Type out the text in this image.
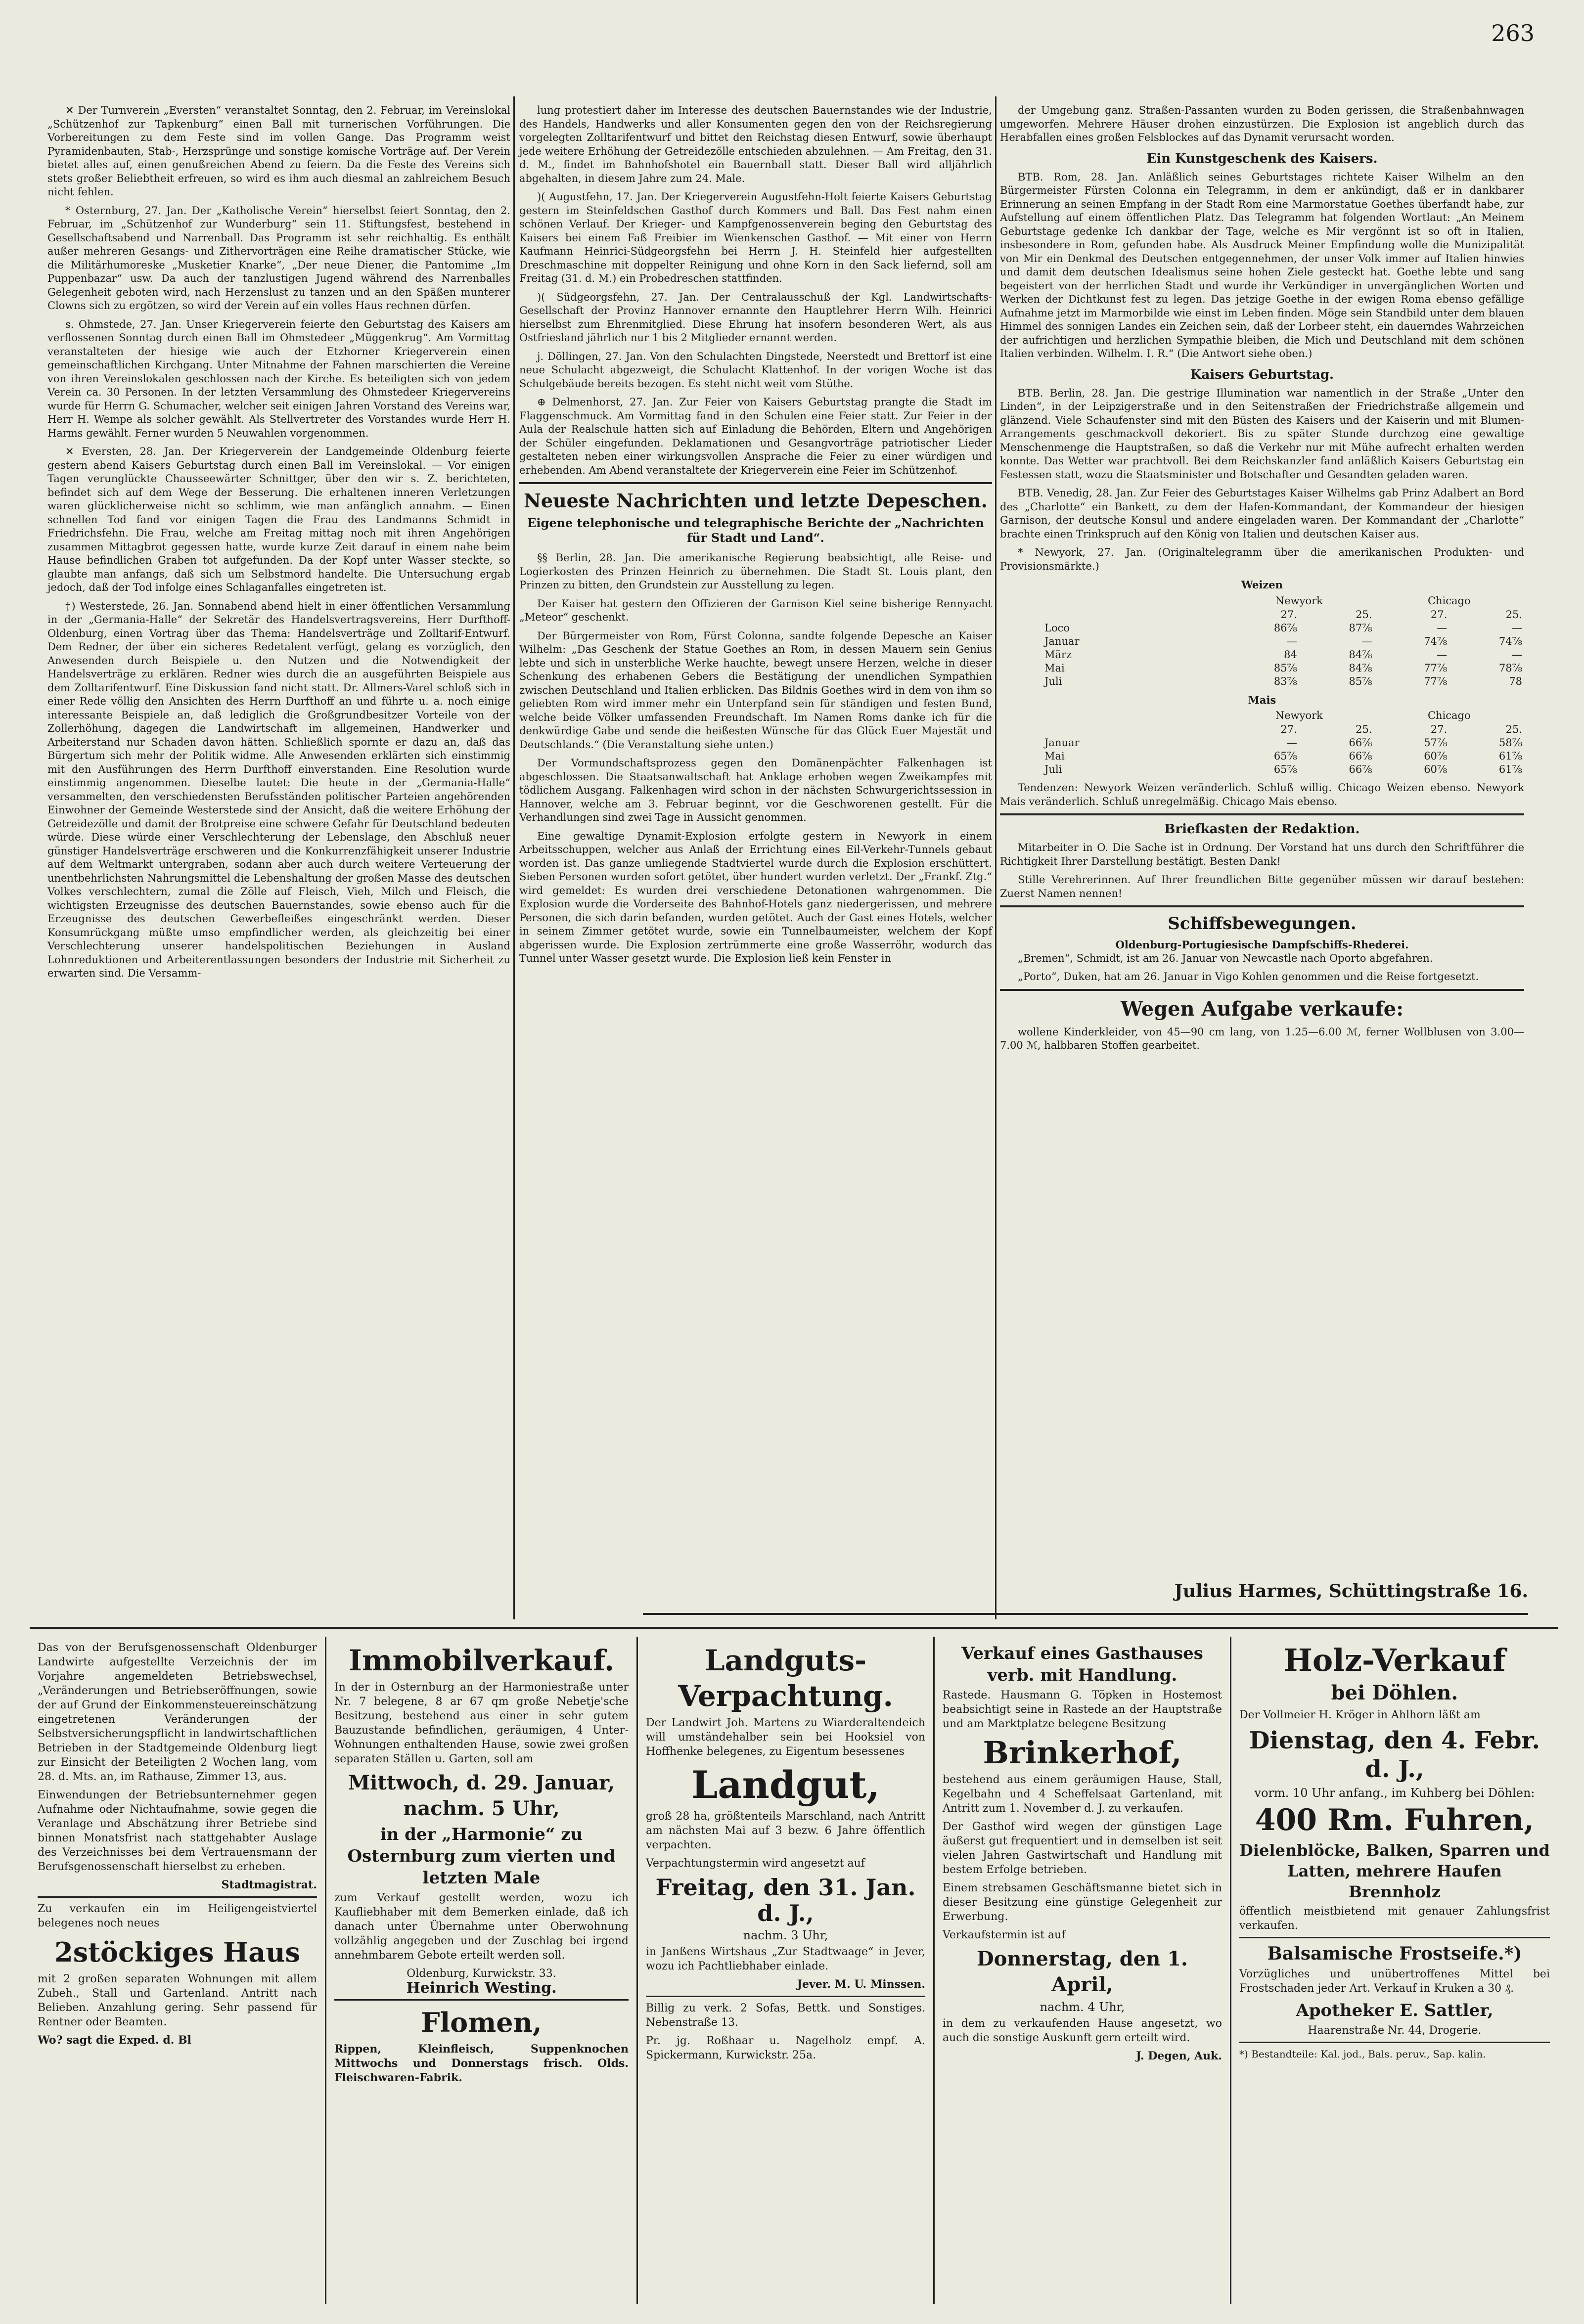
263

✕ Der Turnverein „Eversten“ veranstaltet Sonntag, den 2. Februar, im Vereinslokal „Schützenhof zur Tapkenburg“ einen Ball mit turnerischen Vorführungen. Die Vorbereitungen zu dem Feste sind im vollen Gange. Das Programm weist Pyramidenbauten, Stab-, Herzsprünge und sonstige komische Vorträge auf. Der Verein bietet alles auf, einen genußreichen Abend zu feiern. Da die Feste des Vereins sich stets großer Beliebtheit erfreuen, so wird es ihm auch diesmal an zahlreichem Besuch nicht fehlen.

* Osternburg, 27. Jan. Der „Katholische Verein“ hierselbst feiert Sonntag, den 2. Februar, im „Schützenhof zur Wunderburg“ sein 11. Stiftungsfest, bestehend in Gesellschaftsabend und Narrenball. Das Programm ist sehr reichhaltig. Es enthält außer mehreren Gesangs- und Zithervorträgen eine Reihe dramatischer Stücke, wie die Militärhumoreske „Musketier Knarke“, „Der neue Diener, die Pantomime „Im Puppenbazar“ usw. Da auch der tanzlustigen Jugend während des Narrenballes Gelegenheit geboten wird, nach Herzenslust zu tanzen und an den Späßen munterer Clowns sich zu ergötzen, so wird der Verein auf ein volles Haus rechnen dürfen.

s. Ohmstede, 27. Jan. Unser Kriegerverein feierte den Geburtstag des Kaisers am verflossenen Sonntag durch einen Ball im Ohmstedeer „Müggenkrug“. Am Vormittag veranstalteten der hiesige wie auch der Etzhorner Kriegerverein einen gemeinschaftlichen Kirchgang. Unter Mitnahme der Fahnen marschierten die Vereine von ihren Vereinslokalen geschlossen nach der Kirche. Es beteiligten sich von jedem Verein ca. 30 Personen. In der letzten Versammlung des Ohmstedeer Kriegervereins wurde für Herrn G. Schumacher, welcher seit einigen Jahren Vorstand des Vereins war, Herr H. Wempe als solcher gewählt. Als Stellvertreter des Vorstandes wurde Herr H. Harms gewählt. Ferner wurden 5 Neuwahlen vorgenommen.

✕ Eversten, 28. Jan. Der Kriegerverein der Landgemeinde Oldenburg feierte gestern abend Kaisers Geburtstag durch einen Ball im Vereinslokal. — Vor einigen Tagen verunglückte Chausseewärter Schnittger, über den wir s. Z. berichteten, befindet sich auf dem Wege der Besserung. Die erhaltenen inneren Verletzungen waren glücklicherweise nicht so schlimm, wie man anfänglich annahm. — Einen schnellen Tod fand vor einigen Tagen die Frau des Landmanns Schmidt in Friedrichsfehn. Die Frau, welche am Freitag mittag noch mit ihren Angehörigen zusammen Mittagbrot gegessen hatte, wurde kurze Zeit darauf in einem nahe beim Hause befindlichen Graben tot aufgefunden. Da der Kopf unter Wasser steckte, so glaubte man anfangs, daß sich um Selbstmord handelte. Die Untersuchung ergab jedoch, daß der Tod infolge eines Schlaganfalles eingetreten ist.

†) Westerstede, 26. Jan. Sonnabend abend hielt in einer öffentlichen Versammlung in der „Germania-Halle“ der Sekretär des Handelsvertragsvereins, Herr Durfthoff-Oldenburg, einen Vortrag über das Thema: Handelsverträge und Zolltarif-Entwurf. Dem Redner, der über ein sicheres Redetalent verfügt, gelang es vorzüglich, den Anwesenden durch Beispiele u. den Nutzen und die Notwendigkeit der Handelsverträge zu erklären. Redner wies durch die an ausgeführten Beispiele aus dem Zolltarifentwurf. Eine Diskussion fand nicht statt. Dr. Allmers-Varel schloß sich in einer Rede völlig den Ansichten des Herrn Durfthoff an und führte u. a. noch einige interessante Beispiele an, daß lediglich die Großgrundbesitzer Vorteile von der Zollerhöhung, dagegen die Landwirtschaft im allgemeinen, Handwerker und Arbeiterstand nur Schaden davon hätten. Schließlich spornte er dazu an, daß das Bürgertum sich mehr der Politik widme. Alle Anwesenden erklärten sich einstimmig mit den Ausführungen des Herrn Durfthoff einverstanden. Eine Resolution wurde einstimmig angenommen. Dieselbe lautet: Die heute in der „Germania-Halle“ versammelten, den verschiedensten Berufsständen politischer Parteien angehörenden Einwohner der Gemeinde Westerstede sind der Ansicht, daß die weitere Erhöhung der Getreidezölle und damit der Brotpreise eine schwere Gefahr für Deutschland bedeuten würde. Diese würde einer Verschlechterung der Lebenslage, den Abschluß neuer günstiger Handelsverträge erschweren und die Konkurrenzfähigkeit unserer Industrie auf dem Weltmarkt untergraben, sodann aber auch durch weitere Verteuerung der unentbehrlichsten Nahrungsmittel die Lebenshaltung der großen Masse des deutschen Volkes verschlechtern, zumal die Zölle auf Fleisch, Vieh, Milch und Fleisch, die wichtigsten Erzeugnisse des deutschen Bauernstandes, sowie ebenso auch für die Erzeugnisse des deutschen Gewerbefleißes eingeschränkt werden. Dieser Konsumrückgang müßte umso empfindlicher werden, als gleichzeitig bei einer Verschlechterung unserer handelspolitischen Beziehungen in Ausland Lohnreduktionen und Arbeiterentlassungen besonders der Industrie mit Sicherheit zu erwarten sind. Die Versamm-

lung protestiert daher im Interesse des deutschen Bauernstandes wie der Industrie, des Handels, Handwerks und aller Konsumenten gegen den von der Reichsregierung vorgelegten Zolltarifentwurf und bittet den Reichstag diesen Entwurf, sowie überhaupt jede weitere Erhöhung der Getreidezölle entschieden abzulehnen. — Am Freitag, den 31. d. M., findet im Bahnhofshotel ein Bauernball statt. Dieser Ball wird alljährlich abgehalten, in diesem Jahre zum 24. Male.

)( Augustfehn, 17. Jan. Der Kriegerverein Augustfehn-Holt feierte Kaisers Geburtstag gestern im Steinfeldschen Gasthof durch Kommers und Ball. Das Fest nahm einen schönen Verlauf. Der Krieger- und Kampfgenossenverein beging den Geburtstag des Kaisers bei einem Faß Freibier im Wienkenschen Gasthof. — Mit einer von Herrn Kaufmann Heinrici-Südgeorgsfehn bei Herrn J. H. Steinfeld hier aufgestellten Dreschmaschine mit doppelter Reinigung und ohne Korn in den Sack liefernd, soll am Freitag (31. d. M.) ein Probedreschen stattfinden.

)( Südgeorgsfehn, 27. Jan. Der Centralausschuß der Kgl. Landwirtschafts-Gesellschaft der Provinz Hannover ernannte den Hauptlehrer Herrn Wilh. Heinrici hierselbst zum Ehrenmitglied. Diese Ehrung hat insofern besonderen Wert, als aus Ostfriesland jährlich nur 1 bis 2 Mitglieder ernannt werden.

j. Döllingen, 27. Jan. Von den Schulachten Dingstede, Neerstedt und Brettorf ist eine neue Schulacht abgezweigt, die Schulacht Klattenhof. In der vorigen Woche ist das Schulgebäude bereits bezogen. Es steht nicht weit vom Stüthe.

⊕ Delmenhorst, 27. Jan. Zur Feier von Kaisers Geburtstag prangte die Stadt im Flaggenschmuck. Am Vormittag fand in den Schulen eine Feier statt. Zur Feier in der Aula der Realschule hatten sich auf Einladung die Behörden, Eltern und Angehörigen der Schüler eingefunden. Deklamationen und Gesangvorträge patriotischer Lieder gestalteten neben einer wirkungsvollen Ansprache die Feier zu einer würdigen und erhebenden. Am Abend veranstaltete der Kriegerverein eine Feier im Schützenhof.

Neueste Nachrichten und letzte Depeschen.
Eigene telephonische und telegraphische Berichte der „Nachrichten für Stadt und Land“.

§§ Berlin, 28. Jan. Die amerikanische Regierung beabsichtigt, alle Reise- und Logierkosten des Prinzen Heinrich zu übernehmen. Die Stadt St. Louis plant, den Prinzen zu bitten, den Grundstein zur Ausstellung zu legen.

Der Kaiser hat gestern den Offizieren der Garnison Kiel seine bisherige Rennyacht „Meteor“ geschenkt.

Der Bürgermeister von Rom, Fürst Colonna, sandte folgende Depesche an Kaiser Wilhelm: „Das Geschenk der Statue Goethes an Rom, in dessen Mauern sein Genius lebte und sich in unsterbliche Werke hauchte, bewegt unsere Herzen, welche in dieser Schenkung des erhabenen Gebers die Bestätigung der unendlichen Sympathien zwischen Deutschland und Italien erblicken. Das Bildnis Goethes wird in dem von ihm so geliebten Rom wird immer mehr ein Unterpfand sein für ständigen und festen Bund, welche beide Völker umfassenden Freundschaft. Im Namen Roms danke ich für die denkwürdige Gabe und sende die heißesten Wünsche für das Glück Euer Majestät und Deutschlands.“ (Die Veranstaltung siehe unten.)

Der Vormundschaftsprozess gegen den Domänenpächter Falkenhagen ist abgeschlossen. Die Staatsanwaltschaft hat Anklage erhoben wegen Zweikampfes mit tödlichem Ausgang. Falkenhagen wird schon in der nächsten Schwurgerichtssession in Hannover, welche am 3. Februar beginnt, vor die Geschworenen gestellt. Für die Verhandlungen sind zwei Tage in Aussicht genommen.

Eine gewaltige Dynamit-Explosion erfolgte gestern in Newyork in einem Arbeitsschuppen, welcher aus Anlaß der Errichtung eines Eil-Verkehr-Tunnels gebaut worden ist. Das ganze umliegende Stadtviertel wurde durch die Explosion erschüttert. Sieben Personen wurden sofort getötet, über hundert wurden verletzt. Der „Frankf. Ztg.“ wird gemeldet: Es wurden drei verschiedene Detonationen wahrgenommen. Die Explosion wurde die Vorderseite des Bahnhof-Hotels ganz niedergerissen, und mehrere Personen, die sich darin befanden, wurden getötet. Auch der Gast eines Hotels, welcher in seinem Zimmer getötet wurde, sowie ein Tunnelbaumeister, welchem der Kopf abgerissen wurde. Die Explosion zertrümmerte eine große Wasserröhr, wodurch das Tunnel unter Wasser gesetzt wurde. Die Explosion ließ kein Fenster in

der Umgebung ganz. Straßen-Passanten wurden zu Boden gerissen, die Straßenbahnwagen umgeworfen. Mehrere Häuser drohen einzustürzen. Die Explosion ist angeblich durch das Herabfallen eines großen Felsblockes auf das Dynamit verursacht worden.

Ein Kunstgeschenk des Kaisers.

BTB. Rom, 28. Jan. Anläßlich seines Geburtstages richtete Kaiser Wilhelm an den Bürgermeister Fürsten Colonna ein Telegramm, in dem er ankündigt, daß er in dankbarer Erinnerung an seinen Empfang in der Stadt Rom eine Marmorstatue Goethes überfandt habe, zur Aufstellung auf einem öffentlichen Platz. Das Telegramm hat folgenden Wortlaut: „An Meinem Geburtstage gedenke Ich dankbar der Tage, welche es Mir vergönnt ist so oft in Italien, insbesondere in Rom, gefunden habe. Als Ausdruck Meiner Empfindung wolle die Munizipalität von Mir ein Denkmal des Deutschen entgegennehmen, der unser Volk immer auf Italien hinwies und damit dem deutschen Idealismus seine hohen Ziele gesteckt hat. Goethe lebte und sang begeistert von der herrlichen Stadt und wurde ihr Verkündiger in unvergänglichen Worten und Werken der Dichtkunst fest zu legen. Das jetzige Goethe in der ewigen Roma ebenso gefällige Aufnahme jetzt im Marmorbilde wie einst im Leben finden. Möge sein Standbild unter dem blauen Himmel des sonnigen Landes ein Zeichen sein, daß der Lorbeer steht, ein dauerndes Wahrzeichen der aufrichtigen und herzlichen Sympathie bleiben, die Mich und Deutschland mit dem schönen Italien verbinden. Wilhelm. I. R.“ (Die Antwort siehe oben.)

Kaisers Geburtstag.

BTB. Berlin, 28. Jan. Die gestrige Illumination war namentlich in der Straße „Unter den Linden“, in der Leipzigerstraße und in den Seitenstraßen der Friedrichstraße allgemein und glänzend. Viele Schaufenster sind mit den Büsten des Kaisers und der Kaiserin und mit Blumen-Arrangements geschmackvoll dekoriert. Bis zu später Stunde durchzog eine gewaltige Menschenmenge die Hauptstraßen, so daß die Verkehr nur mit Mühe aufrecht erhalten werden konnte. Das Wetter war prachtvoll. Bei dem Reichskanzler fand anläßlich Kaisers Geburtstag ein Festessen statt, wozu die Staatsminister und Botschafter und Gesandten geladen waren.

BTB. Venedig, 28. Jan. Zur Feier des Geburtstages Kaiser Wilhelms gab Prinz Adalbert an Bord des „Charlotte“ ein Bankett, zu dem der Hafen-Kommandant, der Kommandeur der hiesigen Garnison, der deutsche Konsul und andere eingeladen waren. Der Kommandant der „Charlotte“ brachte einen Trinkspruch auf den König von Italien und deutschen Kaiser aus.

* Newyork, 27. Jan. (Originaltelegramm über die amerikanischen Produkten- und Provisionsmärkte.)

Weizen
	Newyork		Chicago	
	27.	25.	27.	25.
Loco	86⅞	87⅞	—	—
Januar	—	—	74⅞	74⅞
März	84	84⅞	—	—
Mai	85⅞	84⅞	77⅞	78⅞
Juli	83⅞	85⅞	77⅞	78
Mais
	Newyork		Chicago	
	27.	25.	27.	25.
Januar	—	66⅞	57⅞	58⅞
Mai	65⅞	66⅞	60⅞	61⅞
Juli	65⅞	66⅞	60⅞	61⅞

Tendenzen: Newyork Weizen veränderlich. Schluß willig. Chicago Weizen ebenso. Newyork Mais veränderlich. Schluß unregelmäßig. Chicago Mais ebenso.

Briefkasten der Redaktion.

Mitarbeiter in O. Die Sache ist in Ordnung. Der Vorstand hat uns durch den Schriftführer die Richtigkeit Ihrer Darstellung bestätigt. Besten Dank!

Stille Verehrerinnen. Auf Ihrer freundlichen Bitte gegenüber müssen wir darauf bestehen: Zuerst Namen nennen!

Schiffsbewegungen.
Oldenburg-Portugiesische Dampfschiffs-Rhederei.

„Bremen“, Schmidt, ist am 26. Januar von Newcastle nach Oporto abgefahren.

„Porto“, Duken, hat am 26. Januar in Vigo Kohlen genommen und die Reise fortgesetzt.

Wegen Aufgabe verkaufe:

wollene Kinderkleider, von 45—90 cm lang, von 1.25—6.00 ℳ, ferner Wollblusen von 3.00—7.00 ℳ, halbbaren Stoffen gearbeitet.

Julius Harmes, Schüttingstraße 16.

Das von der Berufsgenossenschaft Oldenburger Landwirte aufgestellte Verzeichnis der im Vorjahre angemeldeten Betriebswechsel, „Veränderungen und Betriebseröffnungen, sowie der auf Grund der Einkommensteuereinschätzung eingetretenen Veränderungen der Selbstversicherungspflicht in landwirtschaftlichen Betrieben in der Stadtgemeinde Oldenburg liegt zur Einsicht der Beteiligten 2 Wochen lang, vom 28. d. Mts. an, im Rathause, Zimmer 13, aus.

Einwendungen der Betriebsunternehmer gegen Aufnahme oder Nichtaufnahme, sowie gegen die Veranlage und Abschätzung ihrer Betriebe sind binnen Monatsfrist nach stattgehabter Auslage des Verzeichnisses bei dem Vertrauensmann der Berufsgenossenschaft hierselbst zu erheben.

Stadtmagistrat.

Zu verkaufen ein im Heiligengeistviertel belegenes noch neues

2stöckiges Haus

mit 2 großen separaten Wohnungen mit allem Zubeh., Stall und Gartenland. Antritt nach Belieben. Anzahlung gering. Sehr passend für Rentner oder Beamten.

Wo? sagt die Exped. d. Bl
Immobilverkauf.

In der in Osternburg an der Harmoniestraße unter Nr. 7 belegene, 8 ar 67 qm große Nebetje'sche Besitzung, bestehend aus einer in sehr gutem Bauzustande befindlichen, geräumigen, 4 Unter-Wohnungen enthaltenden Hause, sowie zwei großen separaten Ställen u. Garten, soll am

Mittwoch, d. 29. Januar, nachm. 5 Uhr,
in der „Harmonie“ zu Osternburg zum vierten und letzten Male

zum Verkauf gestellt werden, wozu ich Kaufliebhaber mit dem Bemerken einlade, daß ich danach unter Übernahme unter Oberwohnung vollzählig angegeben und der Zuschlag bei irgend annehmbarem Gebote erteilt werden soll.

Oldenburg, Kurwickstr. 33.
Heinrich Westing.
Flomen,

Rippen, Kleinfleisch, Suppenknochen Mittwochs und Donnerstags frisch. Olds. Fleischwaren-Fabrik.

Landguts-Verpachtung.

Der Landwirt Joh. Martens zu Wiarderaltendeich will umständehalber sein bei Hooksiel von Hoffhenke belegenes, zu Eigentum besessenes

Landgut,

groß 28 ha, größtenteils Marschland, nach Antritt am nächsten Mai auf 3 bezw. 6 Jahre öffentlich verpachten.

Verpachtungstermin wird angesetzt auf

Freitag, den 31. Jan. d. J.,
nachm. 3 Uhr,

in Janßens Wirtshaus „Zur Stadtwaage“ in Jever, wozu ich Pachtliebhaber einlade.

Jever. M. U. Minssen.

Billig zu verk. 2 Sofas, Bettk. und Sonstiges. Nebenstraße 13.

Pr. jg. Roßhaar u. Nagelholz empf. A. Spickermann, Kurwickstr. 25a.

Verkauf eines Gasthauses verb. mit Handlung.

Rastede. Hausmann G. Töpken in Hostemost beabsichtigt seine in Rastede an der Hauptstraße und am Marktplatze belegene Besitzung

Brinkerhof,

bestehend aus einem geräumigen Hause, Stall, Kegelbahn und 4 Scheffelsaat Gartenland, mit Antritt zum 1. November d. J. zu verkaufen.

Der Gasthof wird wegen der günstigen Lage äußerst gut frequentiert und in demselben ist seit vielen Jahren Gastwirtschaft und Handlung mit bestem Erfolge betrieben.

Einem strebsamen Geschäftsmanne bietet sich in dieser Besitzung eine günstige Gelegenheit zur Erwerbung.

Verkaufstermin ist auf

Donnerstag, den 1. April,
nachm. 4 Uhr,

in dem zu verkaufenden Hause angesetzt, wo auch die sonstige Auskunft gern erteilt wird.

J. Degen, Auk.
Holz-Verkauf
bei Döhlen.

Der Vollmeier H. Kröger in Ahlhorn läßt am

Dienstag, den 4. Febr. d. J.,
vorm. 10 Uhr anfang., im Kuhberg bei Döhlen:
400 Rm. Fuhren,
Dielenblöcke, Balken, Sparren und Latten, mehrere Haufen Brennholz

öffentlich meistbietend mit genauer Zahlungsfrist verkaufen.

Balsamische Frostseife.*)

Vorzügliches und unübertroffenes Mittel bei Frostschaden jeder Art. Verkauf in Kruken a 30 ₰.

Apotheker E. Sattler,
Haarenstraße Nr. 44, Drogerie.

*) Bestandteile: Kal. jod., Bals. peruv., Sap. kalin.
